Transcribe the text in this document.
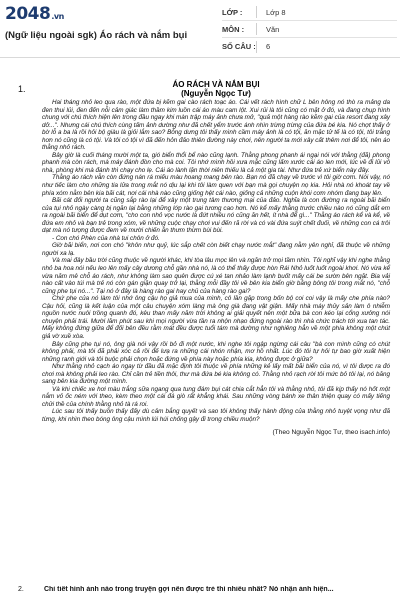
2048 .vn
(Ngữ liệu ngoài sgk) Áo rách và nắm bụi
LỚP :	Lớp 8
MÔN :	Văn
SỐ CÂU : 6
1.	ÁO RÁCH VÀ NẮM BỤI
(Nguyễn Ngọc Tư)
Hai tháng nhỏ leo qua rào, một đứa bị kẽm gai cào rách toạc áo. Cái vết rách hình chữ L bên hông nó thò ra mảng da đen thui lủi, đen đến nỗi cảm giác làm thầm kim luồn cái áo màu cam lột. Xui rủi là tôi cũng có mặt ở đó, và đang chụp hình chung với chú thích hiện lên trong đầu ngay khi màn trập máy ảnh chưa mở, "quả một hàng rào kẽm gai của resort đang xây dở...". Nhưng cái chú thích cùng tấm ảnh dường như đã chết yểm trước ánh nhìn trừng trừng của đứa bé kia. Nó chợt thấy ở bờ lỗ a ba là rồi hỏi bộ giàu là giỏi lắm sao? Bỗng dưng tôi thấy mình cầm máy ảnh là có tội, ăn mặc tử tế là có tội, tôi trắng hơn nó cũng là có tội. Và tôi có tội vì đã đến hỏn đảo thiên đường này chơi, nên người ta mới xây cất thêm nơi để tôi, nên áo thằng nhỏ rách.
Bây giờ là cuối tháng mười một ta, gió biển thổi bể nào cũng lạnh. Thằng phong phanh ái ngại nói với thằng (đã) phong phanh mà còn rách, mà máy đánh đòn cho mà coi. Tôi nhớ mình hồi xưa mặc cũng lấm xước cái áo len mới, lúc về đi lủi vô nhà, phòng khi mà đánh thì chạy cho lẹ. Cái áo lành lặn thời niên thiếu là cả một gia tài. Như đứa trẻ xứ biển này đây.
Thằng áo rách vẫn còn đứng nán rá miếu màu hoang mang bên rào. Bạn nó đã chạy về trước vì tôi giờ cơm. Nói vậy, nó như tiếc làm cho những tia lửa trong mắt nó dịu lại khi tôi làm quen với bạn mà gọi chuyện nọ kia. Hỏi nhà nó khoát tay về phía xóm nằm bên kia bãi cát, nơi cái nhà nào cũng giống hệt cái nào, giống cả những cuộn khói cơm nhóm đang bay lên.
Bãi cát đổi người ta cũng sắp rào lại để xây một trung tâm thương mại của đảo. Nghĩa là con đường ra ngoài bãi biển của tụi nhỏ ngày càng bị ngăn lại bằng những lớp rào gai tương cao hơn. Nó kể mấy thằng trước chiều nào nó cũng dắt em ra ngoài bãi biển để dụt cơm, "cho con nhỏ vọc nước là đứt nhiều nó cũng ăn hết, ít nhà để gì..." Thằng áo rách kể và kể, về đứa em nhỏ và bạn trẻ trong xóm, về những cuộc chạy chơi vui đến rã rời và có vài đứa suýt chết đuối, về những con cá trôi dạt mà nó tượng được đem về mười chiến ăn thưm thừm bùi bùi.
- Con chó Phèn của nhà tui chôn ở đó.
Giờ bãi biển, nơi con chó "khôn như quỷ, lúc sắp chết còn biết chạy nước mắt" đang nằm yên nghỉ, đã thuộc về những người xa lạ.
Và mai đây bầu trời cũng thuộc về người khác, khi tòa lâu mọc lên và ngăn trở mọi tầm nhìn. Tôi nghĩ vậy khi nghe thằng nhỏ ba hoa nói nếu leo lên mấy cây dương chỗ gần nhà nó, là có thể thấy được hòn Rái Nhỏ luốt luốt ngoài khơi. Nó vừa kể vừa năm mê chỗ áo rách, như không làm sao quên được cú xé tan nhảo làm lạnh buốt mấy cái be sườn bên ngặt. Bia vải nào cất vào túi mà trẻ nó còn gán giặn quay trở lại, thằng mỗi đầy tôi về bên kia biển giờ bằng bông tôi trong mắt nó, "chỗ cũng phe tụi nó...". Tại nó ở đây là hàng rào gai hay chủ của hàng rào gai?
Chứ phe của nó làm tôi nhớ ông cậu họ giả mua của mình, cô lần gặp trong bốn bộ coi coi vậy là mấy che phía nào? Cậu hỏi, cũng là kết luận của một câu chuyện xóm làng mà ông già đang vật giận. Mấy nhà máy thủy sản làm ô nhiễm nguồn nước nuôi trồng quanh đó, kêu than mấy năm trời không ai giải quyết nên một bữa bà con kéo lại cổng xưởng nói chuyện phải trái. Mười lăm phút sau khi mọi người vừa tần ra nhộn nhạo đứng ngoài rào thì nhà chức trách tới xua tan tác. Mấy không đứng giữa để đối bên đều rằm mát đều được tuổi tám mà dường như nghiêng hẳn về một phía không một chút giả vờ xuề xòa.
Bây cũng phe tụi nó, ông già nói vậy rồi bỏ đi một nước, khi nghe tôi ngập ngừng cái câu "bà con mình cũng có chút không phải, mà tôi đã phải xóc cả rồi đế lưạ ra những cái nhón nhận, mơ hồ nhất. Lúc đó tôi tự hỏi tự bao giờ xuất hiện những ranh giới và tôi buộc phải chọn hoặc đứng về phía này hoặc phía kia, không được ở giữa?
Như thằng nhỏ cạch áo ngay từ đầu đã mặc định tôi thuộc về phía những kẻ lấy mất bãi biển của nó, vì tôi được ra đó chơi mà không phải leo rào. Chỉ cần trẻ tiền thôi, thư mà đứa bé kia không có. Thằng nhỏ rạch rời tôi mức bỏ tôi lại, nó băng sang bên kia đường một mình.
Và khi chiếc xe hơi màu trắng sữa ngang qua tung đám bụi cát chia cắt hẳn tôi và thằng nhỏ, tôi đã kịp thấy nó hốt một nắm vỏ ốc ném với theo, kèm theo một cái đá giò rất khẳng khái. Sau những vòng bánh xe thân thiện quay có mấy tiếng chửi thề của chính thằng nhỏ tà rá roi.
Lúc sau tôi thấy buồn thấy đấy dù cảm bắng quyết và sao tôi không thấy hành động của thằng nhỏ tuyệt vọng như đã từng, khi nhìn theo bóng ông cậu mình lúi húi chống gậy đi trong chiều muộn?
(Theo Nguyễn Ngọc Tư, theo isach.info)
2.	Chỉ tiết hình ảnh nào trong truyện gợi nên được trẻ thì nhiều nhất? Nó nhận ảnh hiện...
